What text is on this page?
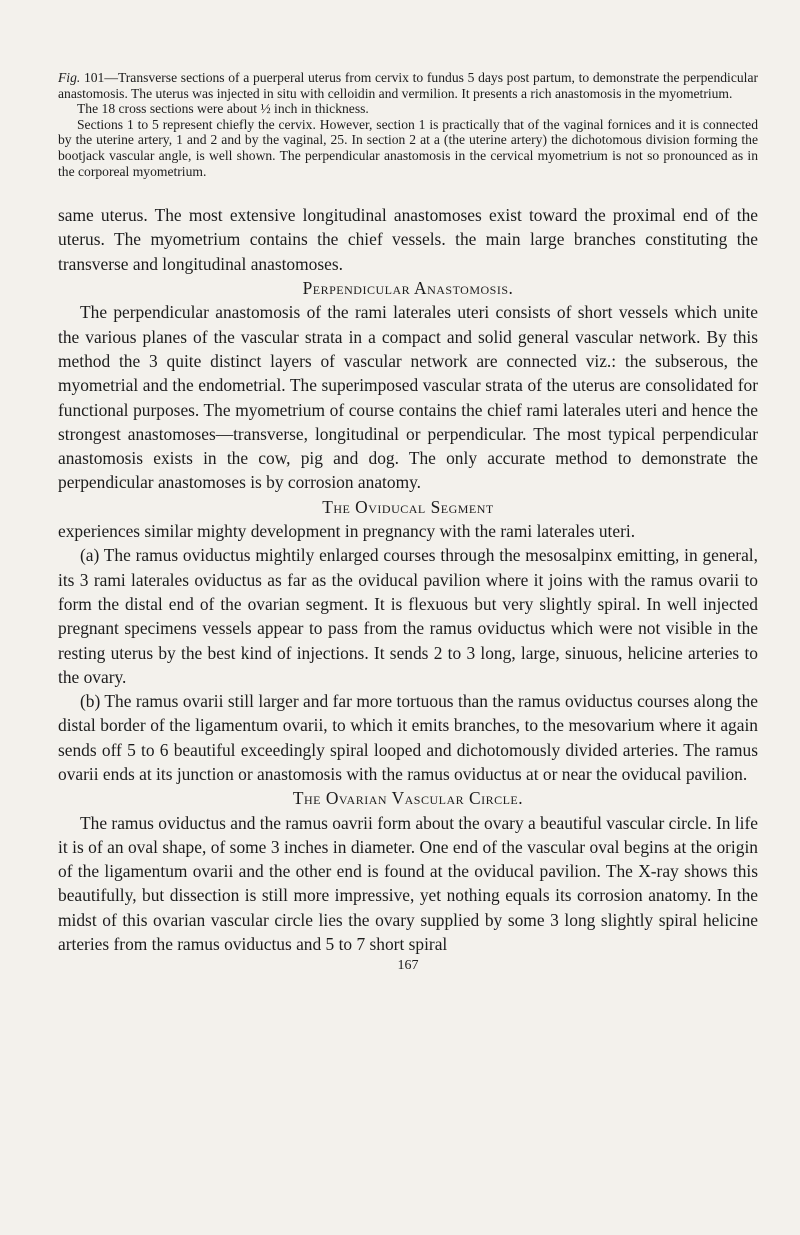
Fig. 101—Transverse sections of a puerperal uterus from cervix to fundus 5 days post partum, to demonstrate the perpendicular anastomosis. The uterus was injected in situ with celloidin and vermilion. It presents a rich anastomosis in the myometrium.

The 18 cross sections were about ½ inch in thickness.

Sections 1 to 5 represent chiefly the cervix. However, section 1 is practically that of the vaginal fornices and it is connected by the uterine artery, 1 and 2 and by the vaginal, 25. In section 2 at a (the uterine artery) the dichotomous division forming the bootjack vascular angle, is well shown. The perpendicular anastomosis in the cervical myometrium is not so pronounced as in the corporeal myometrium.

same uterus. The most extensive longitudinal anastomoses exist toward the proximal end of the uterus. The myometrium contains the chief vessels. the main large branches constituting the transverse and longitudinal anastomoses.

Perpendicular Anastomosis.

The perpendicular anastomosis of the rami laterales uteri consists of short vessels which unite the various planes of the vascular strata in a compact and solid general vascular network. By this method the 3 quite distinct layers of vascular network are connected viz.: the subserous, the myometrial and the endometrial. The superimposed vascular strata of the uterus are consolidated for functional purposes. The myometrium of course contains the chief rami laterales uteri and hence the strongest anastomoses—transverse, longitudinal or perpendicular. The most typical perpendicular anastomosis exists in the cow, pig and dog. The only accurate method to demonstrate the perpendicular anastomoses is by corrosion anatomy.

The Oviducal Segment

experiences similar mighty development in pregnancy with the rami laterales uteri.

(a) The ramus oviductus mightily enlarged courses through the mesosalpinx emitting, in general, its 3 rami laterales oviductus as far as the oviducal pavilion where it joins with the ramus ovarii to form the distal end of the ovarian segment. It is flexuous but very slightly spiral. In well injected pregnant specimens vessels appear to pass from the ramus oviductus which were not visible in the resting uterus by the best kind of injections. It sends 2 to 3 long, large, sinuous, helicine arteries to the ovary.

(b) The ramus ovarii still larger and far more tortuous than the ramus oviductus courses along the distal border of the ligamentum ovarii, to which it emits branches, to the mesovarium where it again sends off 5 to 6 beautiful exceedingly spiral looped and dichotomously divided arteries. The ramus ovarii ends at its junction or anastomosis with the ramus oviductus at or near the oviducal pavilion.

The Ovarian Vascular Circle.

The ramus oviductus and the ramus oavrii form about the ovary a beautiful vascular circle. In life it is of an oval shape, of some 3 inches in diameter. One end of the vascular oval begins at the origin of the ligamentum ovarii and the other end is found at the oviducal pavilion. The X-ray shows this beautifully, but dissection is still more impressive, yet nothing equals its corrosion anatomy. In the midst of this ovarian vascular circle lies the ovary supplied by some 3 long slightly spiral helicine arteries from the ramus oviductus and 5 to 7 short spiral

167
